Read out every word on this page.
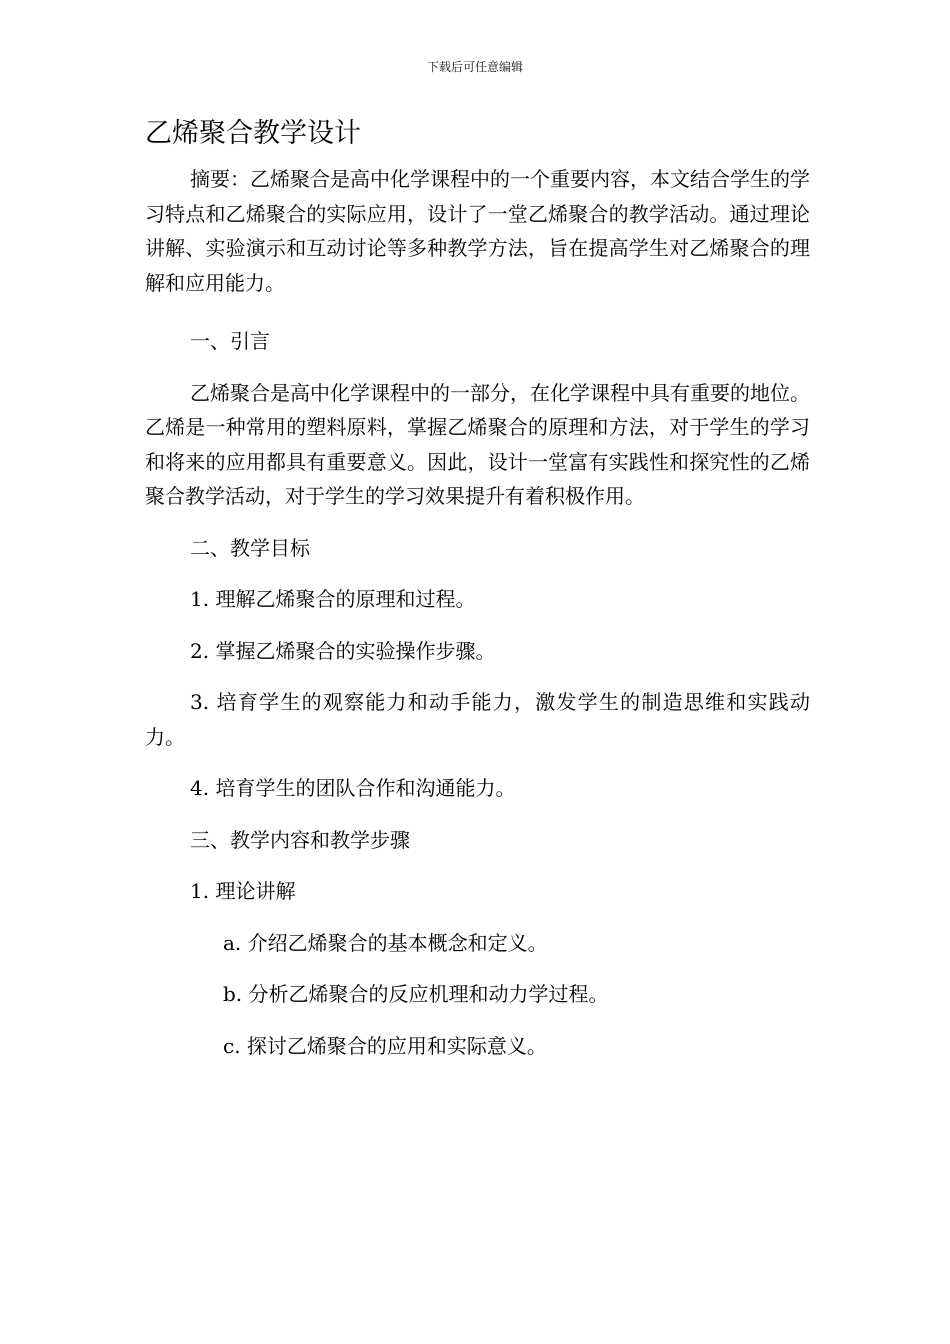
下载后可任意编辑
乙烯聚合教学设计

摘要：乙烯聚合是高中化学课程中的一个重要内容，本文结合学生的学习特点和乙烯聚合的实际应用，设计了一堂乙烯聚合的教学活动。通过理论讲解、实验演示和互动讨论等多种教学方法，旨在提高学生对乙烯聚合的理解和应用能力。

一、引言

乙烯聚合是高中化学课程中的一部分，在化学课程中具有重要的地位。乙烯是一种常用的塑料原料，掌握乙烯聚合的原理和方法，对于学生的学习和将来的应用都具有重要意义。因此，设计一堂富有实践性和探究性的乙烯聚合教学活动，对于学生的学习效果提升有着积极作用。

二、教学目标

1. 理解乙烯聚合的原理和过程。

2. 掌握乙烯聚合的实验操作步骤。

3. 培育学生的观察能力和动手能力，激发学生的制造思维和实践动力。

4. 培育学生的团队合作和沟通能力。

三、教学内容和教学步骤

1. 理论讲解

a. 介绍乙烯聚合的基本概念和定义。
b. 分析乙烯聚合的反应机理和动力学过程。
c. 探讨乙烯聚合的应用和实际意义。
